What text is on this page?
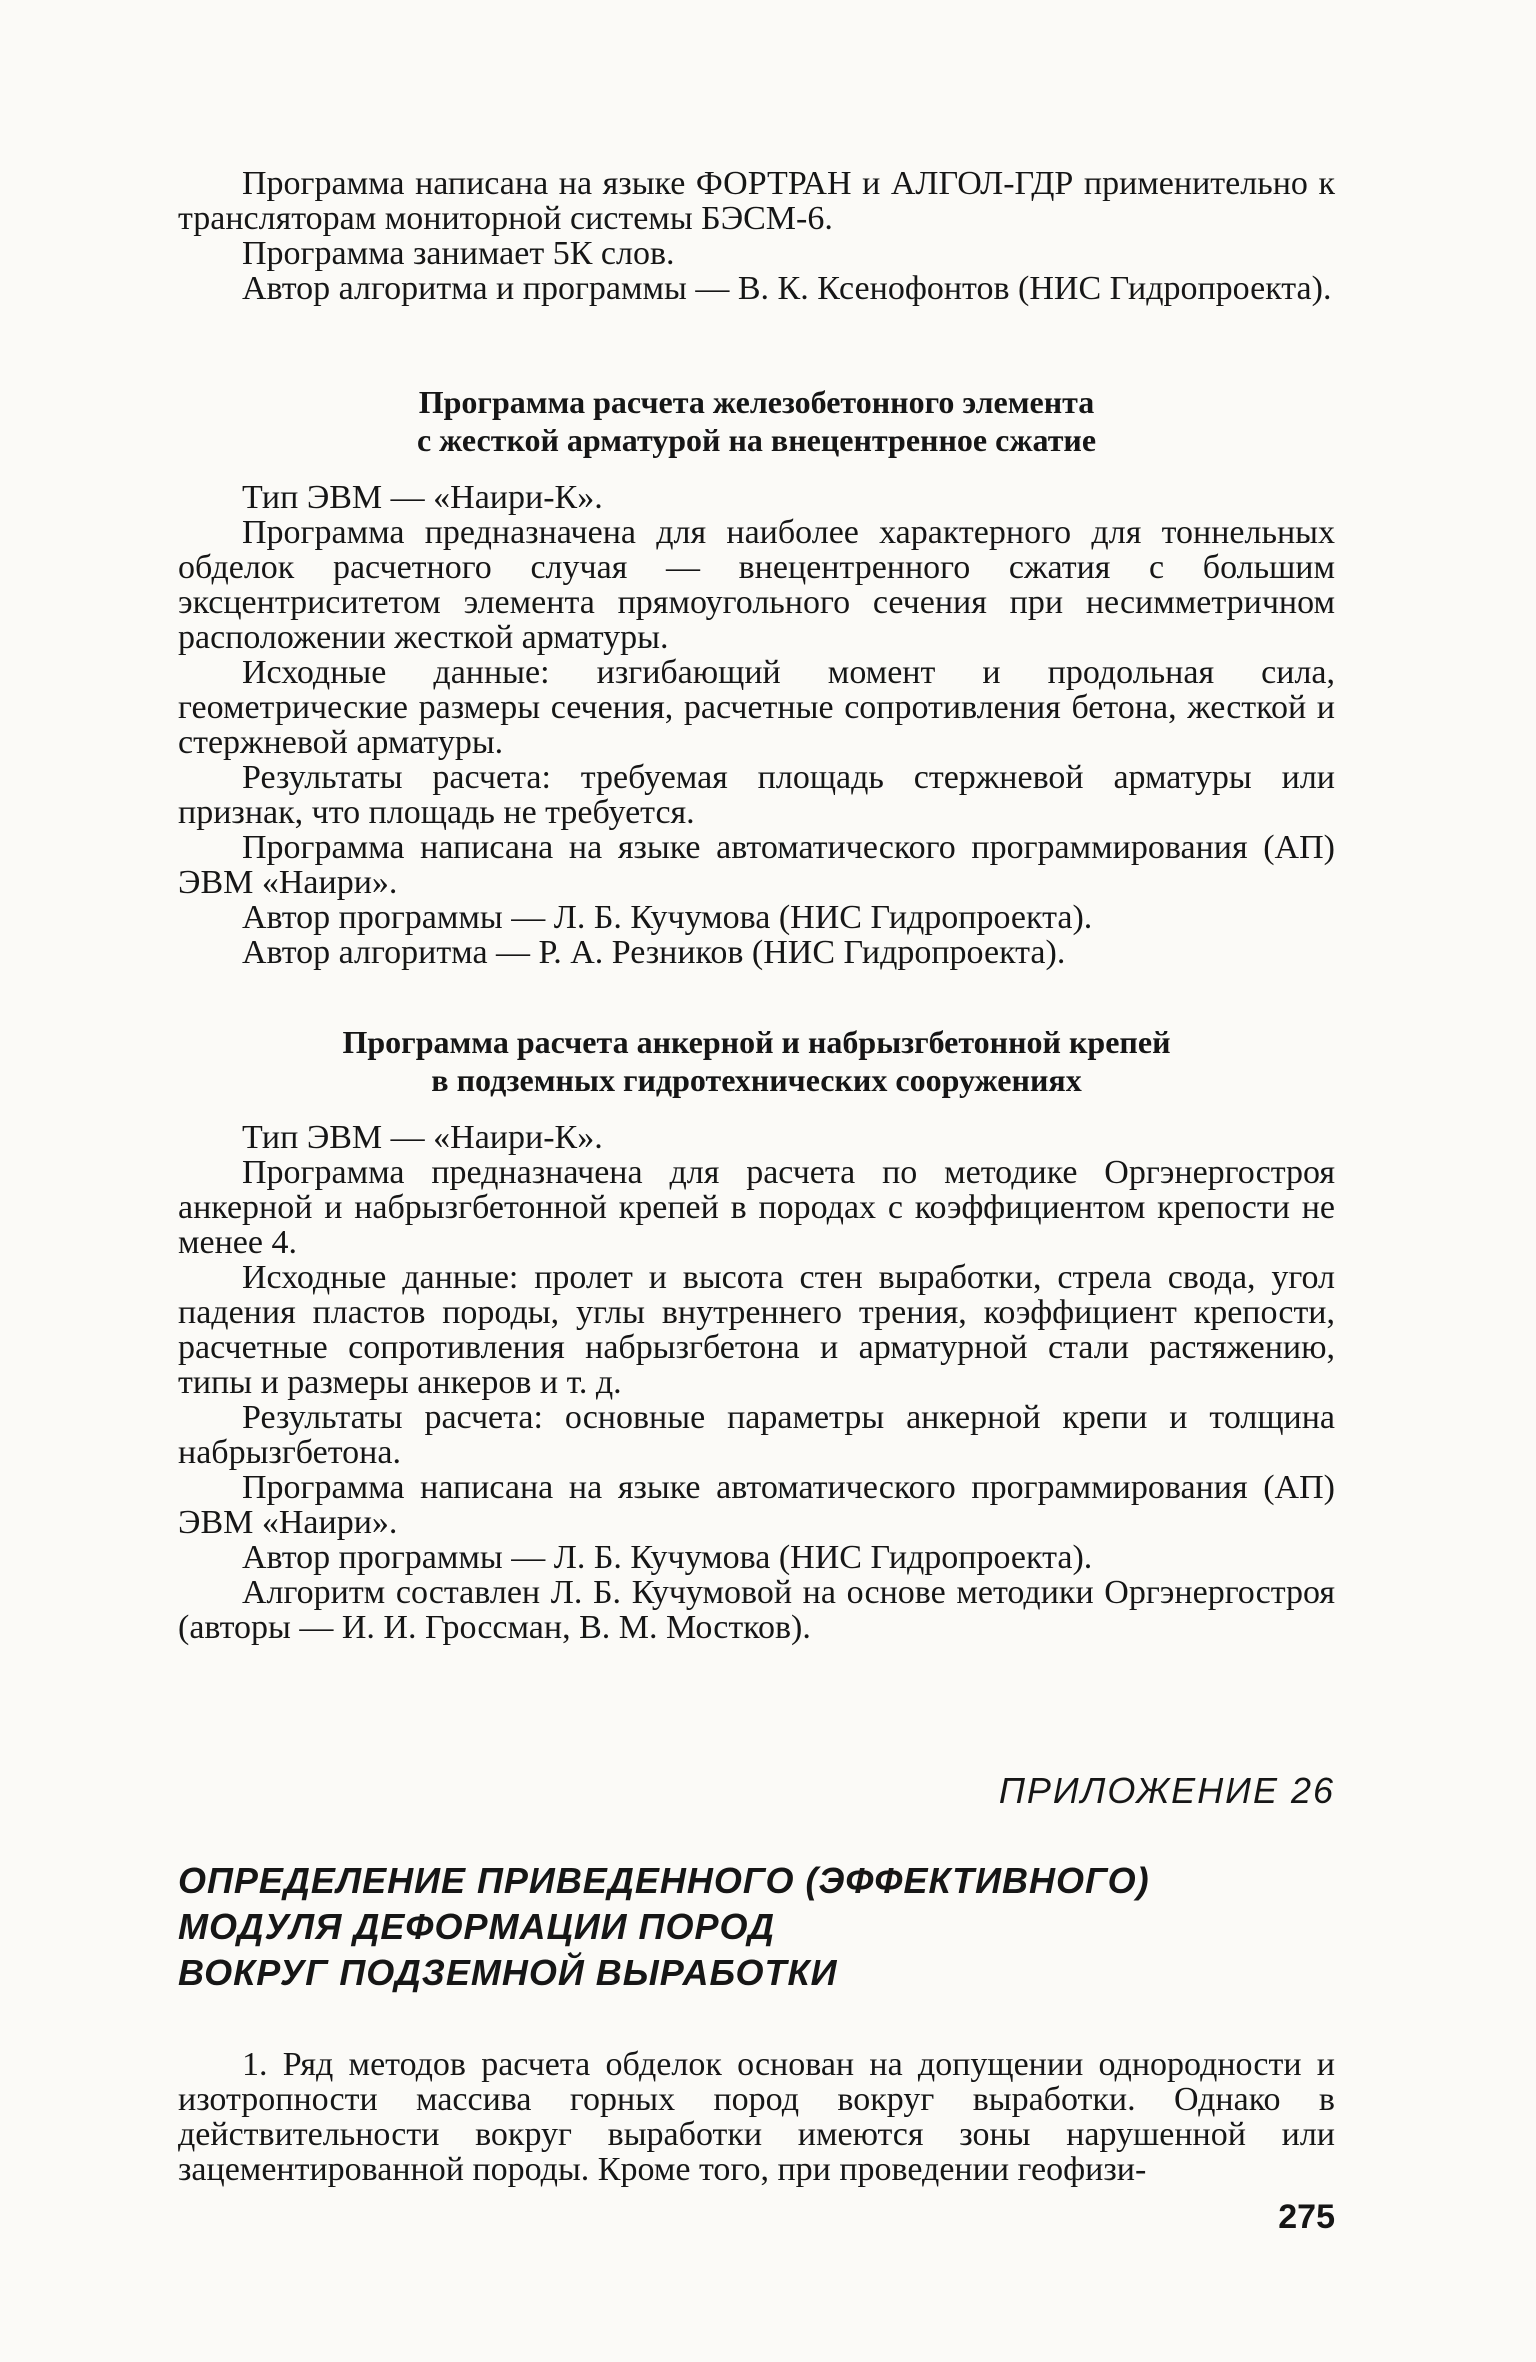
Программа написана на языке ФОРТРАН и АЛГОЛ-ГДР применительно к трансляторам мониторной системы БЭСМ-6.

Программа занимает 5К слов.

Автор алгоритма и программы — В. К. Ксенофонтов (НИС Гидропроекта).

Программа расчета железобетонного элемента

с жесткой арматурой на внецентренное сжатие

Тип ЭВМ — «Наири-К».

Программа предназначена для наиболее характерного для тоннельных обделок расчетного случая — внецентренного сжатия с большим эксцентриситетом элемента прямоугольного сечения при несимметричном расположении жесткой арматуры.

Исходные данные: изгибающий момент и продольная сила, геометрические размеры сечения, расчетные сопротивления бетона, жесткой и стержневой арматуры.

Результаты расчета: требуемая площадь стержневой арматуры или признак, что площадь не требуется.

Программа написана на языке автоматического программирования (АП) ЭВМ «Наири».

Автор программы — Л. Б. Кучумова (НИС Гидропроекта).

Автор алгоритма — Р. А. Резников (НИС Гидропроекта).

Программа расчета анкерной и набрызгбетонной крепей

в подземных гидротехнических сооружениях

Тип ЭВМ — «Наири-К».

Программа предназначена для расчета по методике Оргэнергостроя анкерной и набрызгбетонной крепей в породах с коэффициентом крепости не менее 4.

Исходные данные: пролет и высота стен выработки, стрела свода, угол падения пластов породы, углы внутреннего трения, коэффициент крепости, расчетные сопротивления набрызгбетона и арматурной стали растяжению, типы и размеры анкеров и т. д.

Результаты расчета: основные параметры анкерной крепи и толщина набрызгбетона.

Программа написана на языке автоматического программирования (АП) ЭВМ «Наири».

Автор программы — Л. Б. Кучумова (НИС Гидропроекта).

Алгоритм составлен Л. Б. Кучумовой на основе методики Оргэнергостроя (авторы — И. И. Гроссман, В. М. Мостков).

ПРИЛОЖЕНИЕ 26

ОПРЕДЕЛЕНИЕ ПРИВЕДЕННОГО (ЭФФЕКТИВНОГО)

МОДУЛЯ ДЕФОРМАЦИИ ПОРОД

ВОКРУГ ПОДЗЕМНОЙ ВЫРАБОТКИ

1. Ряд методов расчета обделок основан на допущении однородности и изотропности массива горных пород вокруг выработки. Однако в действительности вокруг выработки имеются зоны нарушенной или зацементированной породы. Кроме того, при проведении геофизи-

275
